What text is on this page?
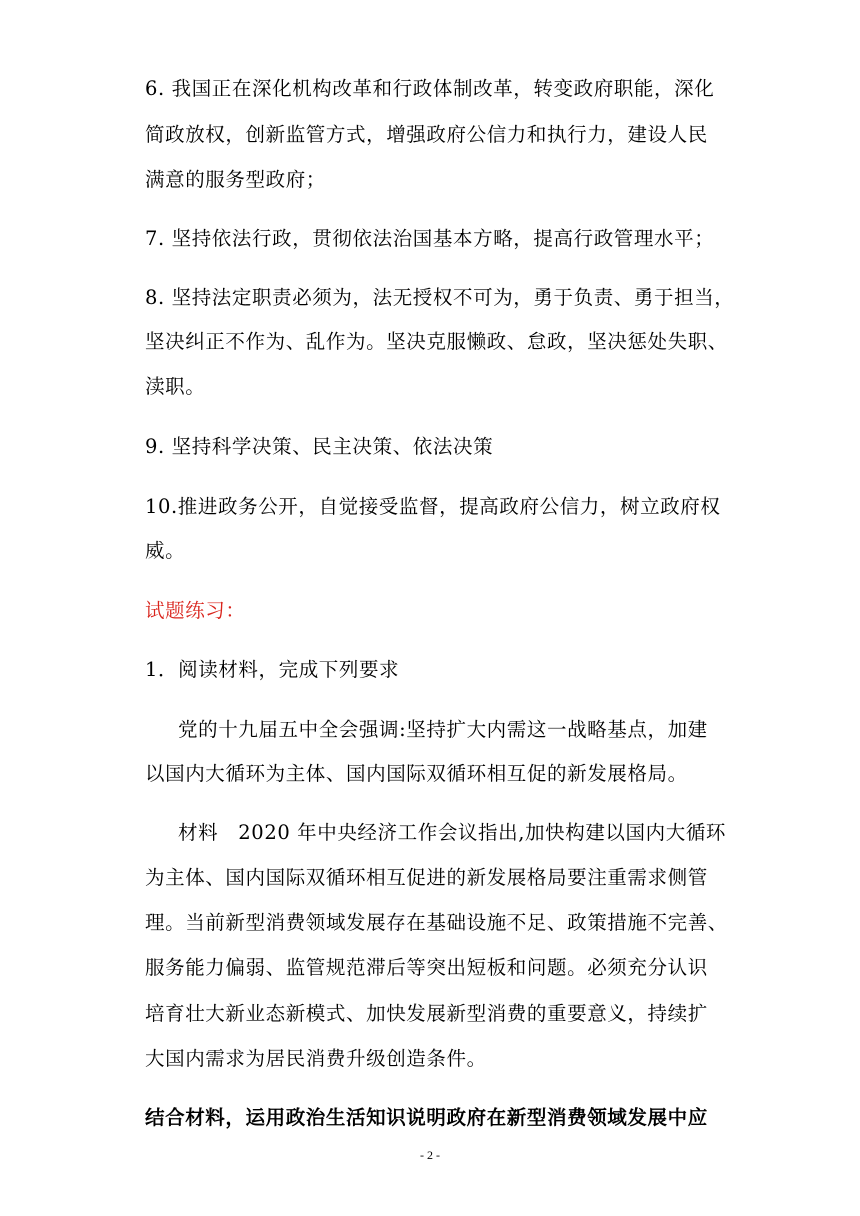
6. 我国正在深化机构改革和行政体制改革，转变政府职能，深化
简政放权，创新监管方式，增强政府公信力和执行力，建设人民
满意的服务型政府；
7. 坚持依法行政，贯彻依法治国基本方略，提高行政管理水平；
8. 坚持法定职责必须为，法无授权不可为，勇于负责、勇于担当，
坚决纠正不作为、乱作为。坚决克服懒政、怠政，坚决惩处失职、
渎职。
9. 坚持科学决策、民主决策、依法决策
10.推进政务公开，自觉接受监督，提高政府公信力，树立政府权
威。
试题练习：
1．阅读材料，完成下列要求
党的十九届五中全会强调:坚持扩大内需这一战略基点，加建
以国内大循环为主体、国内国际双循环相互促的新发展格局。
材料　2020 年中央经济工作会议指出,加快构建以国内大循环
为主体、国内国际双循环相互促进的新发展格局要注重需求侧管
理。当前新型消费领域发展存在基础设施不足、政策措施不完善、
服务能力偏弱、监管规范滞后等突出短板和问题。必须充分认识
培育壮大新业态新模式、加快发展新型消费的重要意义，持续扩
大国内需求为居民消费升级创造条件。
结合材料，运用政治生活知识说明政府在新型消费领域发展中应
- 2 -
